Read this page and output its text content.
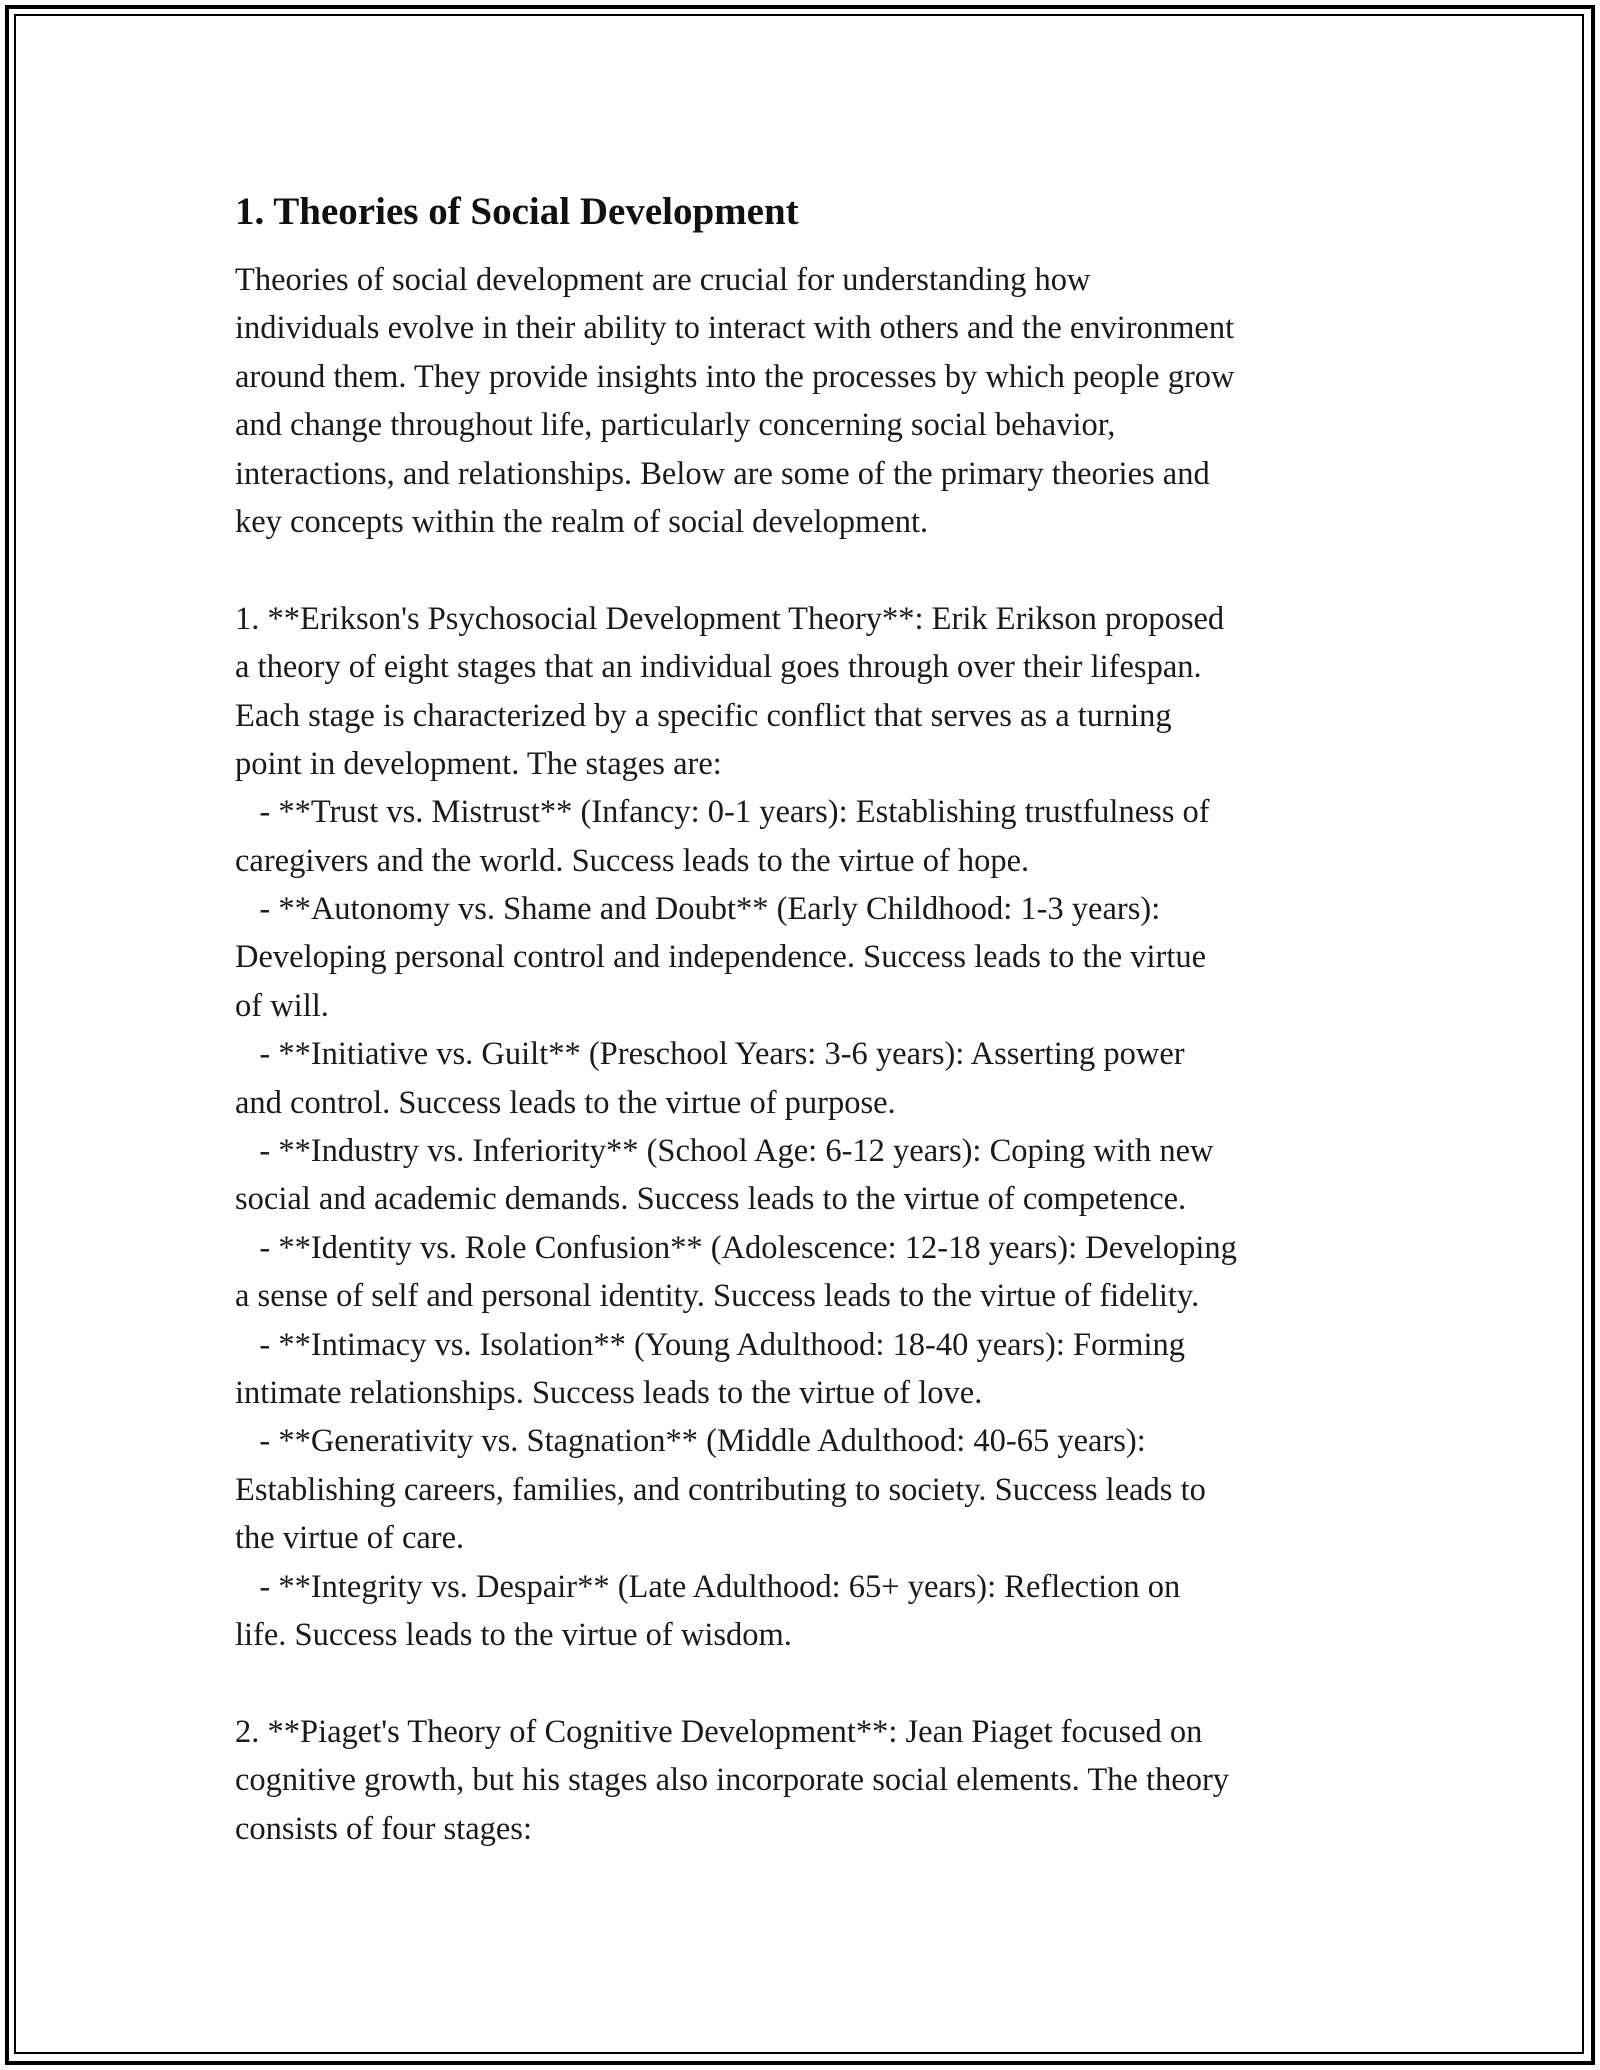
1. Theories of Social Development
Theories of social development are crucial for understanding how
individuals evolve in their ability to interact with others and the environment
around them. They provide insights into the processes by which people grow
and change throughout life, particularly concerning social behavior,
interactions, and relationships. Below are some of the primary theories and
key concepts within the realm of social development.
1. **Erikson's Psychosocial Development Theory**: Erik Erikson proposed
a theory of eight stages that an individual goes through over their lifespan.
Each stage is characterized by a specific conflict that serves as a turning
point in development. The stages are:
- **Trust vs. Mistrust** (Infancy: 0-1 years): Establishing trustfulness of
caregivers and the world. Success leads to the virtue of hope.
- **Autonomy vs. Shame and Doubt** (Early Childhood: 1-3 years):
Developing personal control and independence. Success leads to the virtue
of will.
- **Initiative vs. Guilt** (Preschool Years: 3-6 years): Asserting power
and control. Success leads to the virtue of purpose.
- **Industry vs. Inferiority** (School Age: 6-12 years): Coping with new
social and academic demands. Success leads to the virtue of competence.
- **Identity vs. Role Confusion** (Adolescence: 12-18 years): Developing
a sense of self and personal identity. Success leads to the virtue of fidelity.
- **Intimacy vs. Isolation** (Young Adulthood: 18-40 years): Forming
intimate relationships. Success leads to the virtue of love.
- **Generativity vs. Stagnation** (Middle Adulthood: 40-65 years):
Establishing careers, families, and contributing to society. Success leads to
the virtue of care.
- **Integrity vs. Despair** (Late Adulthood: 65+ years): Reflection on
life. Success leads to the virtue of wisdom.
2. **Piaget's Theory of Cognitive Development**: Jean Piaget focused on
cognitive growth, but his stages also incorporate social elements. The theory
consists of four stages:
